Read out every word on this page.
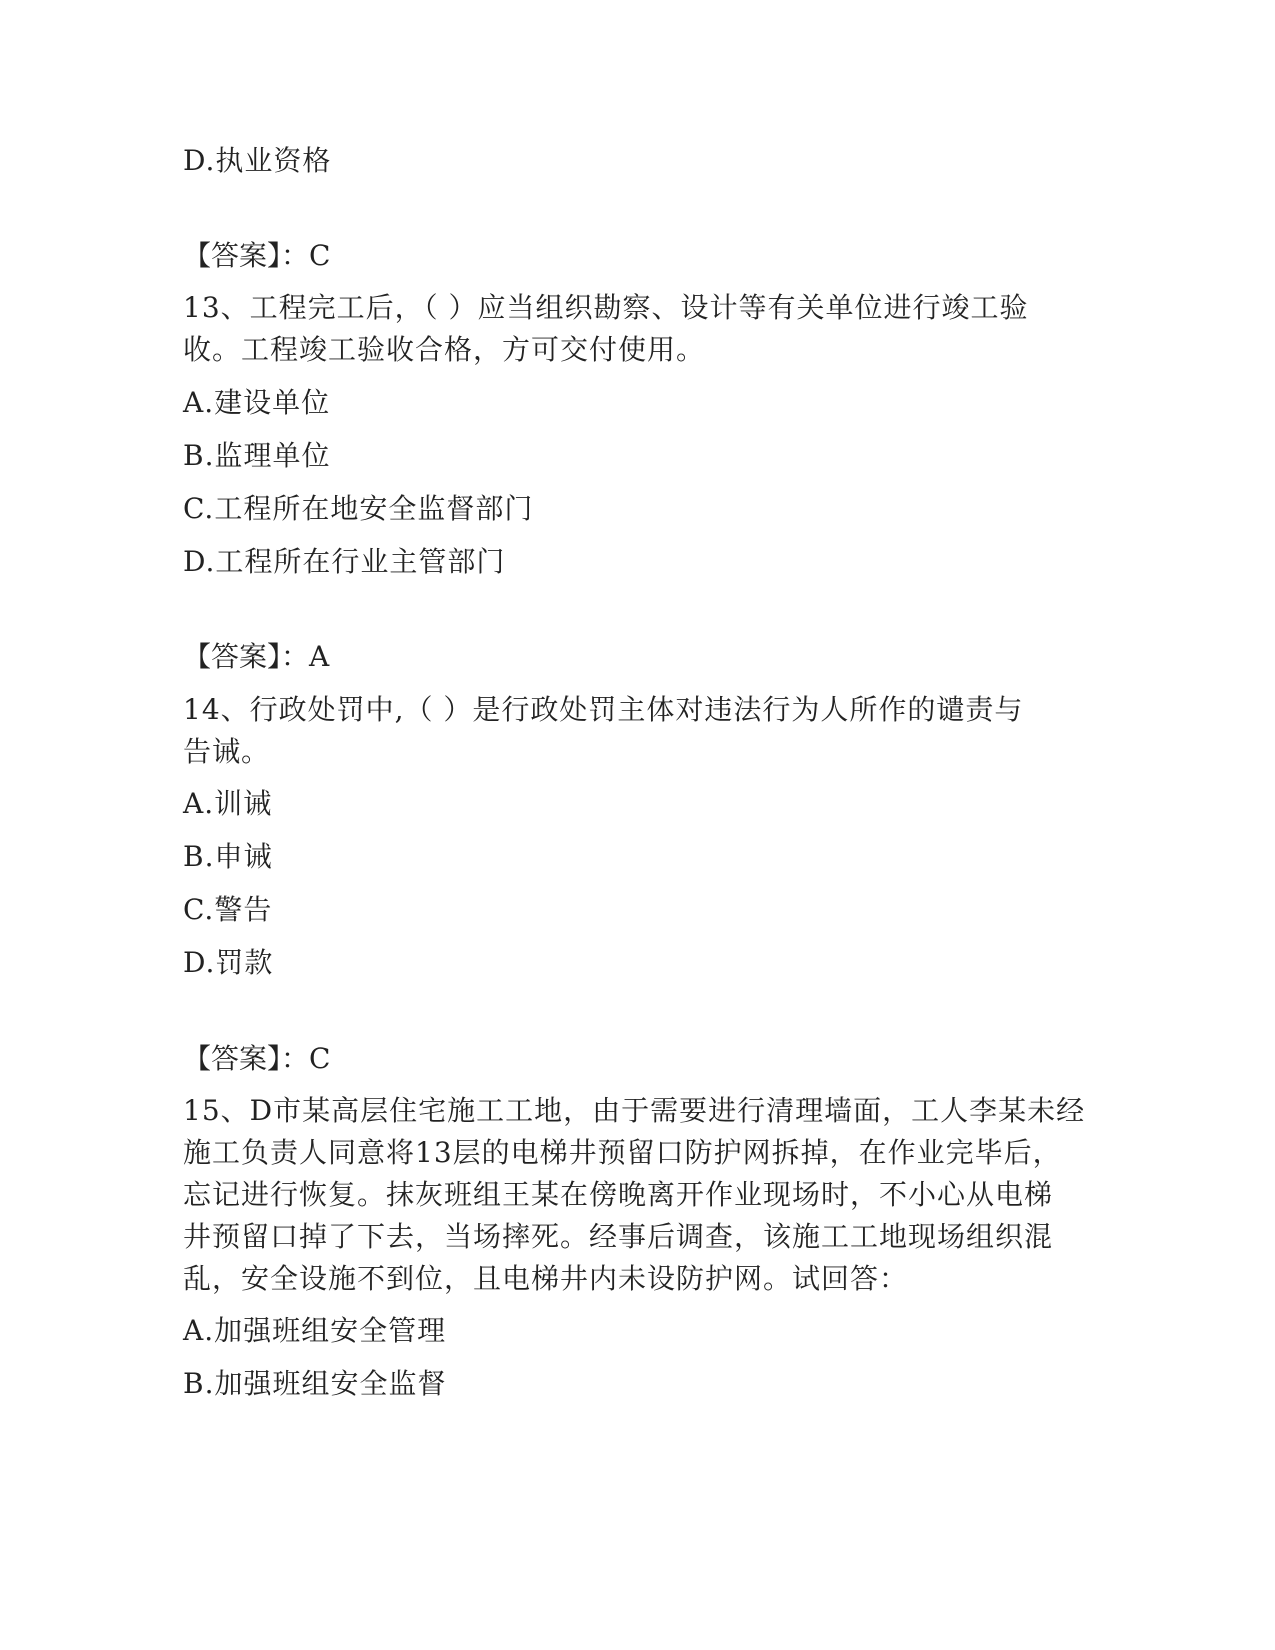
D.执业资格
【答案】：C
13、工程完工后，（ ）应当组织勘察、设计等有关单位进行竣工验
收。工程竣工验收合格，方可交付使用。
A.建设单位
B.监理单位
C.工程所在地安全监督部门
D.工程所在行业主管部门
【答案】：A
14、行政处罚中,（ ）是行政处罚主体对违法行为人所作的谴责与
告诫。
A.训诫
B.申诫
C.警告
D.罚款
【答案】：C
15、D市某高层住宅施工工地，由于需要进行清理墙面，工人李某未经
施工负责人同意将13层的电梯井预留口防护网拆掉，在作业完毕后，
忘记进行恢复。抹灰班组王某在傍晚离开作业现场时，不小心从电梯
井预留口掉了下去，当场摔死。经事后调查，该施工工地现场组织混
乱，安全设施不到位，且电梯井内未设防护网。试回答：
A.加强班组安全管理
B.加强班组安全监督
